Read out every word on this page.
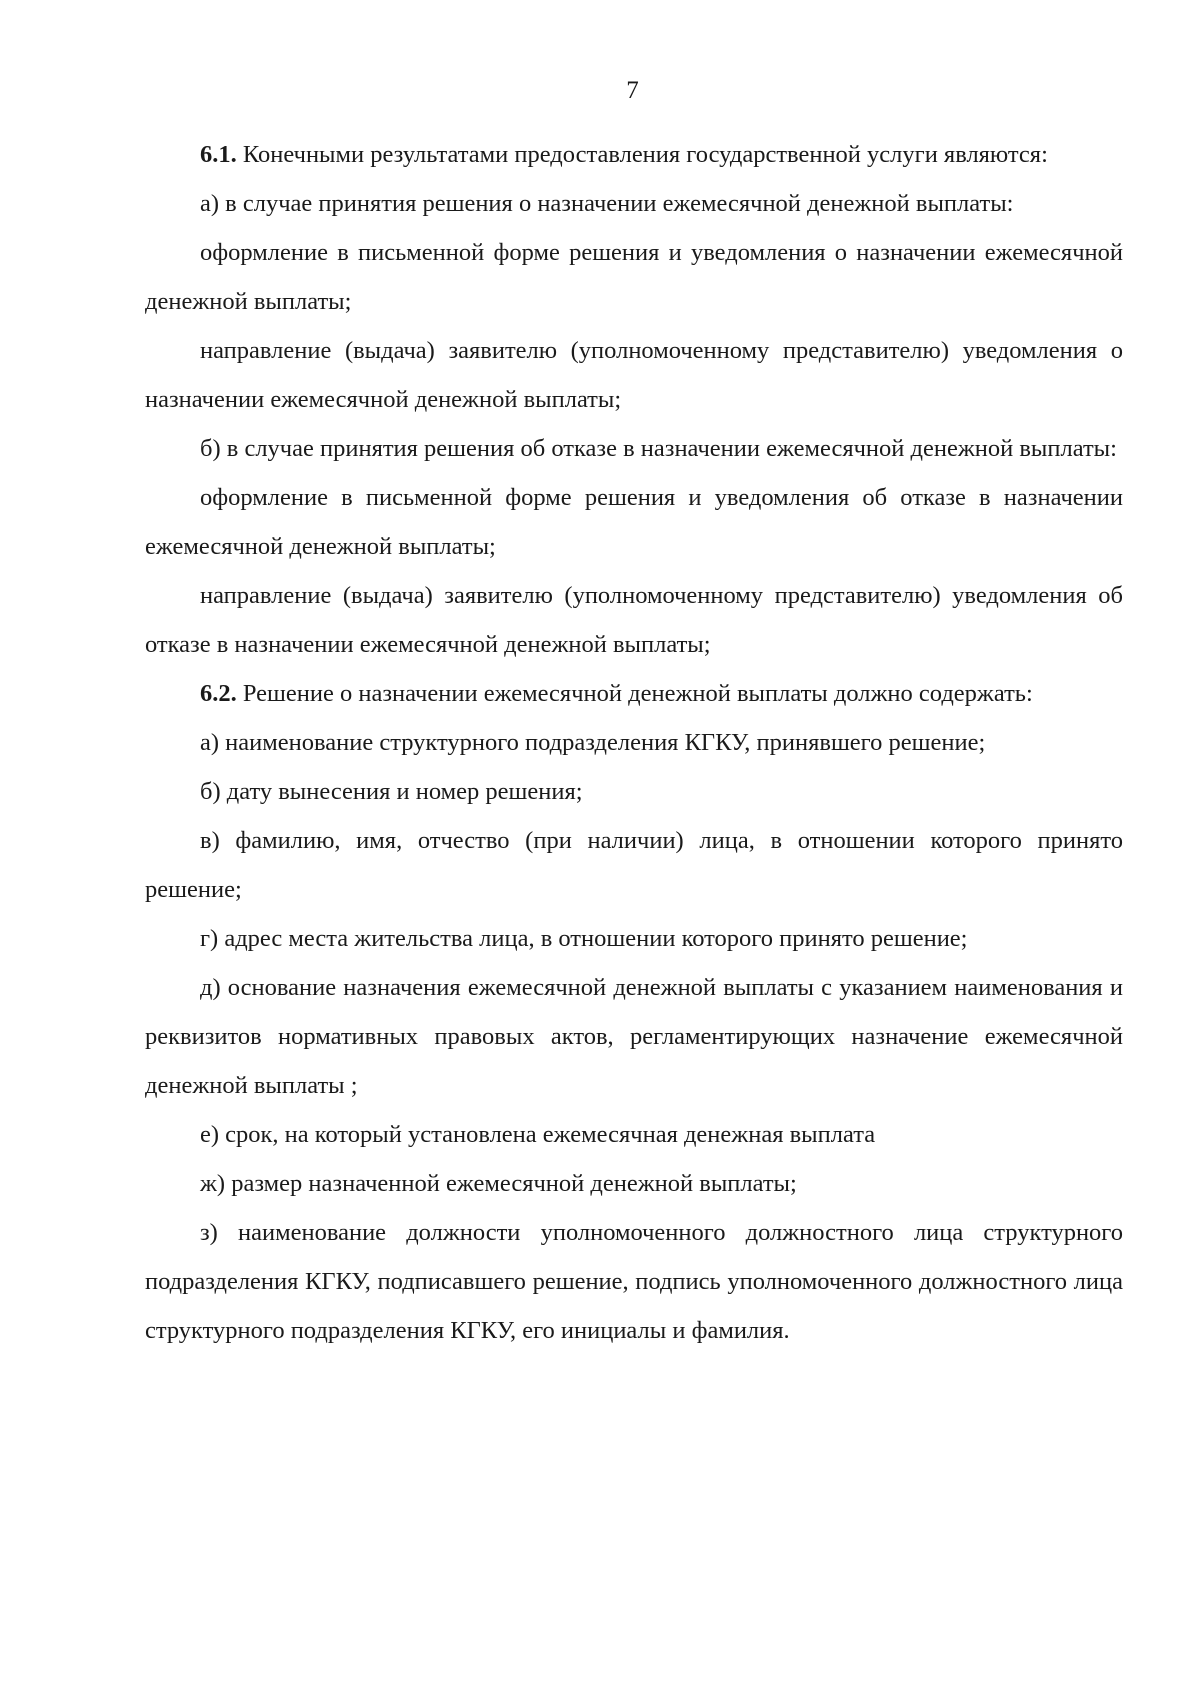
7

6.1. Конечными результатами предоставления государственной услуги являются:

а) в случае принятия решения о назначении ежемесячной денежной выплаты:

оформление в письменной форме решения и уведомления о назначении ежемесячной денежной выплаты;

направление (выдача) заявителю (уполномоченному представителю) уведомления о назначении ежемесячной денежной выплаты;

б) в случае принятия решения об отказе в назначении ежемесячной денежной выплаты:

оформление в письменной форме решения и уведомления об отказе в назначении ежемесячной денежной выплаты;

направление (выдача) заявителю (уполномоченному представителю) уведомления об отказе в назначении ежемесячной денежной выплаты;

6.2. Решение о назначении ежемесячной денежной выплаты должно содержать:

а) наименование структурного подразделения КГКУ, принявшего решение;

б) дату вынесения и номер решения;

в) фамилию, имя, отчество (при наличии) лица, в отношении которого принято решение;

г) адрес места жительства лица, в отношении которого принято решение;

д) основание назначения ежемесячной денежной выплаты с указанием наименования и реквизитов нормативных правовых актов, регламентирующих назначение ежемесячной денежной выплаты ;

е) срок, на который установлена ежемесячная денежная выплата

ж) размер назначенной ежемесячной денежной выплаты;

з) наименование должности уполномоченного должностного лица структурного подразделения КГКУ, подписавшего решение, подпись уполномоченного должностного лица структурного подразделения КГКУ, его инициалы и фамилия.
